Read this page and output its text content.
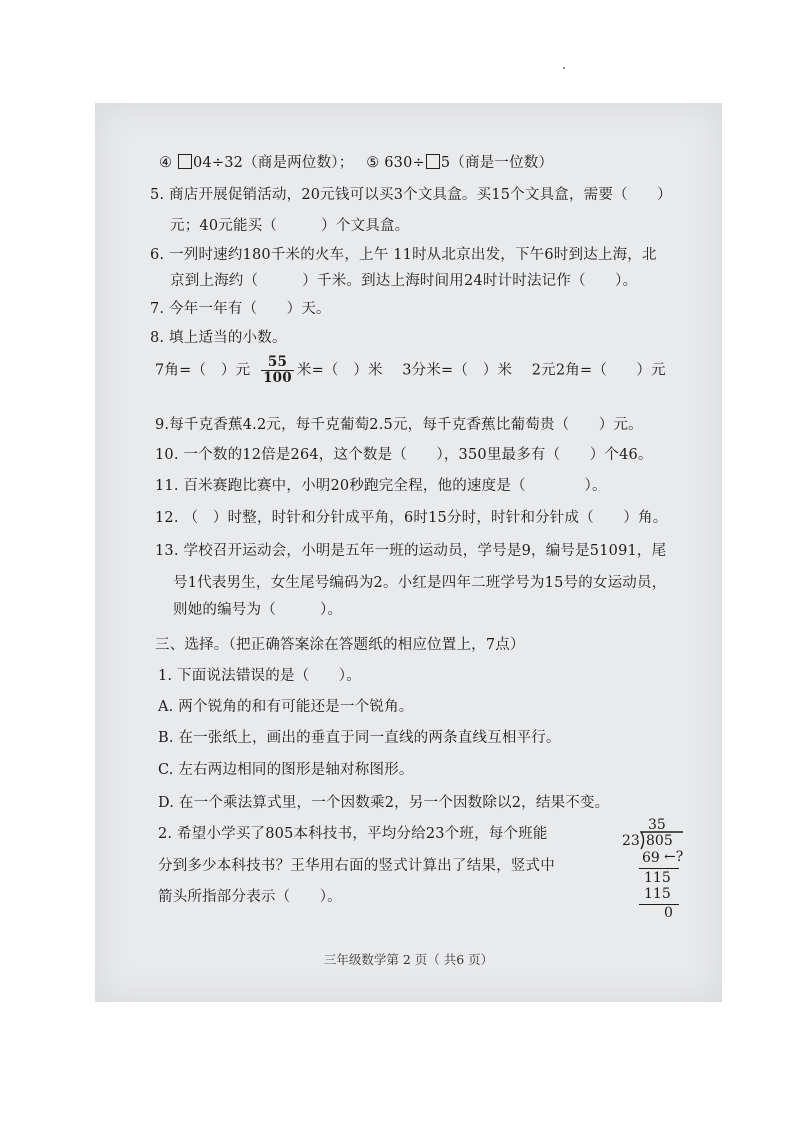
④ 04÷32（商是两位数）； ⑤ 630÷ 5（商是一位数）
5. 商店开展促销活动，20元钱可以买3个文具盒。买15个文具盒，需要（　　）
元；40元能买（　　　）个文具盒。
6. 一列时速约180千米的火车，上午 11时从北京出发，下午6时到达上海，北
京到上海约（　　　）千米。到达上海时间用24时计时法记作（　　）。
7. 今年一年有（　　）天。
8. 填上适当的小数。
7角=（　）元 $\frac{55}{100}$ 米=（　）米　 3分米=（　）米　 2元2角=（　　）元
9.每千克香蕉4.2元，每千克葡萄2.5元，每千克香蕉比葡萄贵（　　）元。
10. 一个数的12倍是264，这个数是（　　），350里最多有（　　）个46。
11. 百米赛跑比赛中，小明20秒跑完全程，他的速度是（　　　　）。
12. （　）时整，时针和分针成平角，6时15分时，时针和分针成（　　）角。
13. 学校召开运动会，小明是五年一班的运动员，学号是9，编号是51091，尾
号1代表男生，女生尾号编码为2。小红是四年二班学号为15号的女运动员，
则她的编号为（　　　）。
三、选择。（把正确答案涂在答题纸的相应位置上，7点）
1. 下面说法错误的是（　　）。
A. 两个锐角的和有可能还是一个锐角。
B. 在一张纸上，画出的垂直于同一直线的两条直线互相平行。
C. 左右两边相同的图形是轴对称图形。
D. 在一个乘法算式里，一个因数乘2，另一个因数除以2，结果不变。
2. 希望小学买了805本科技书，平均分给23个班，每个班能
分到多少本科技书？王华用右面的竖式计算出了结果，竖式中
箭头所指部分表示（　　）。
35
23 805
69 ←?
115
115
0
三年级数学第 2 页（ 共6 页）
